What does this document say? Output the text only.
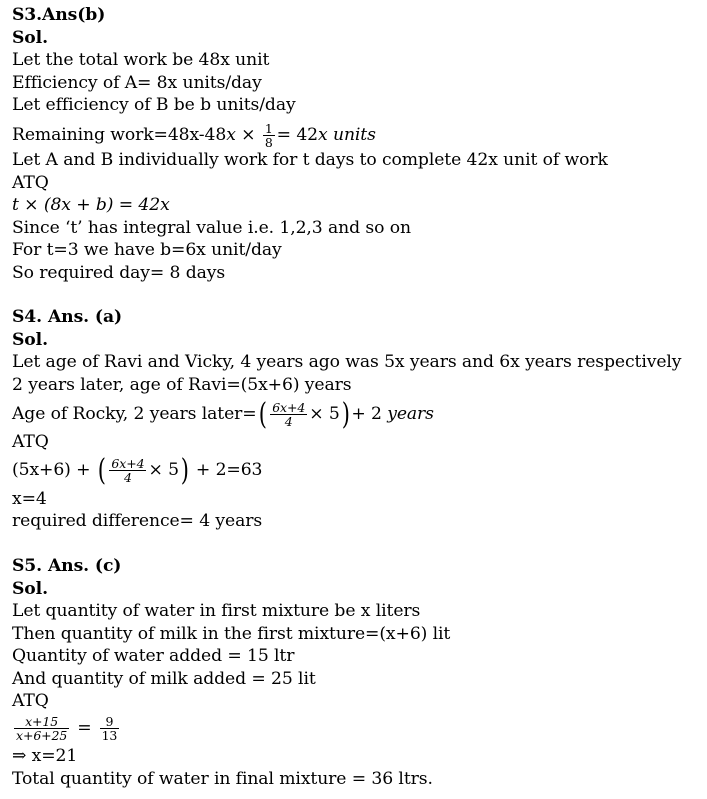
S3.Ans(b)
Sol.
Let the total work be 48x unit
Efficiency of A= 8x units/day
Let efficiency of B be b units/day
Remaining work=48x-48x × $\frac{1}{8} = 42x$ units
Let A and B individually work for t days to complete 42x unit of work
ATQ
t × (8x + b) = 42x
Since ‘t’ has integral value i.e. 1,2,3 and so on
For t=3 we have b=6x unit/day
So required day= 8 days
S4. Ans. (a)
Sol.
Let age of Ravi and Vicky, 4 years ago was 5x years and 6x years respectively
2 years later, age of Ravi=(5x+6) years
Age of Rocky, 2 years later=( $\frac{6x+4}{4} \times 5) + 2$ years
ATQ
(5x+6) + ( $\frac{6x+4}{4} \times 5) + 2=63$
x=4
required difference= 4 years
S5. Ans. (c)
Sol.
Let quantity of water in first mixture be x liters
Then quantity of milk in the first mixture=(x+6) lit
Quantity of water added = 15 ltr
And quantity of milk added = 25 lit
ATQ
$\frac{x+15}{x+6+25} = \frac{9}{13}$
⇒ x=21
Total quantity of water in final mixture = 36 ltrs.
